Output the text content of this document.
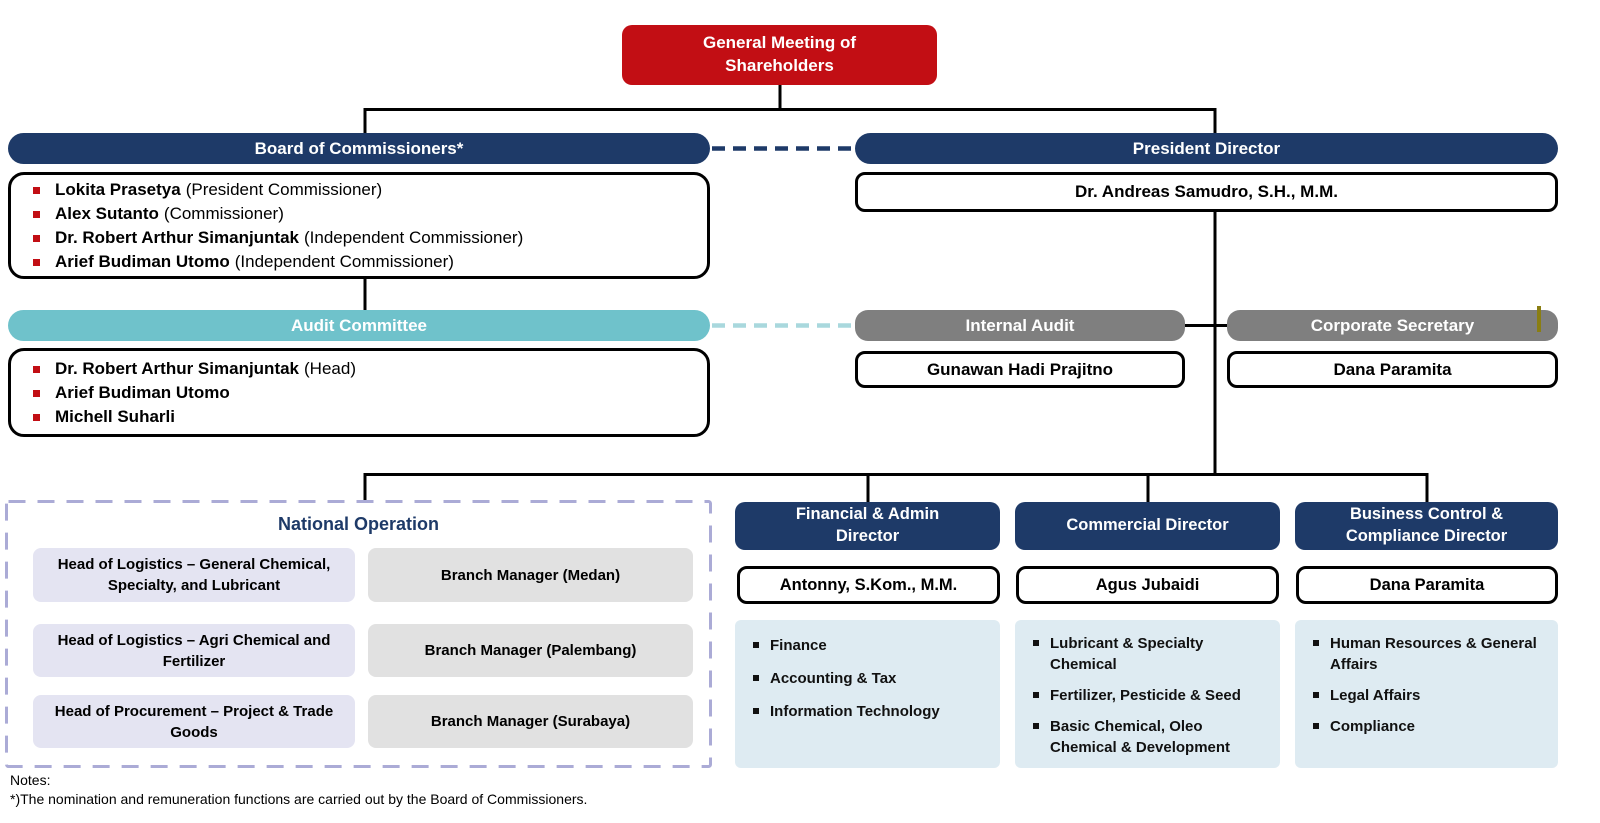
General Meeting of Shareholders
Board of Commissioners*
Lokita Prasetya (President Commissioner)
Alex Sutanto (Commissioner)
Dr. Robert Arthur Simanjuntak (Independent Commissioner)
Arief Budiman Utomo (Independent Commissioner)
President Director
Dr. Andreas Samudro, S.H., M.M.
Audit Committee
Dr. Robert Arthur Simanjuntak (Head)
Arief Budiman Utomo
Michell Suharli
Internal Audit
Gunawan Hadi Prajitno
Corporate Secretary
Dana Paramita
National Operation
Head of Logistics – General Chemical, Specialty, and Lubricant
Branch Manager (Medan)
Head of Logistics – Agri Chemical and Fertilizer
Branch Manager (Palembang)
Head of Procurement – Project & Trade Goods
Branch Manager (Surabaya)
Financial & Admin Director
Antonny, S.Kom., M.M.
Finance
Accounting & Tax
Information Technology
Commercial Director
Agus Jubaidi
Lubricant & Specialty Chemical
Fertilizer, Pesticide & Seed
Basic Chemical, Oleo Chemical & Development
Business Control & Compliance Director
Dana Paramita
Human Resources & General Affairs
Legal Affairs
Compliance
Notes:
*)The nomination and remuneration functions are carried out by the Board of Commissioners.
